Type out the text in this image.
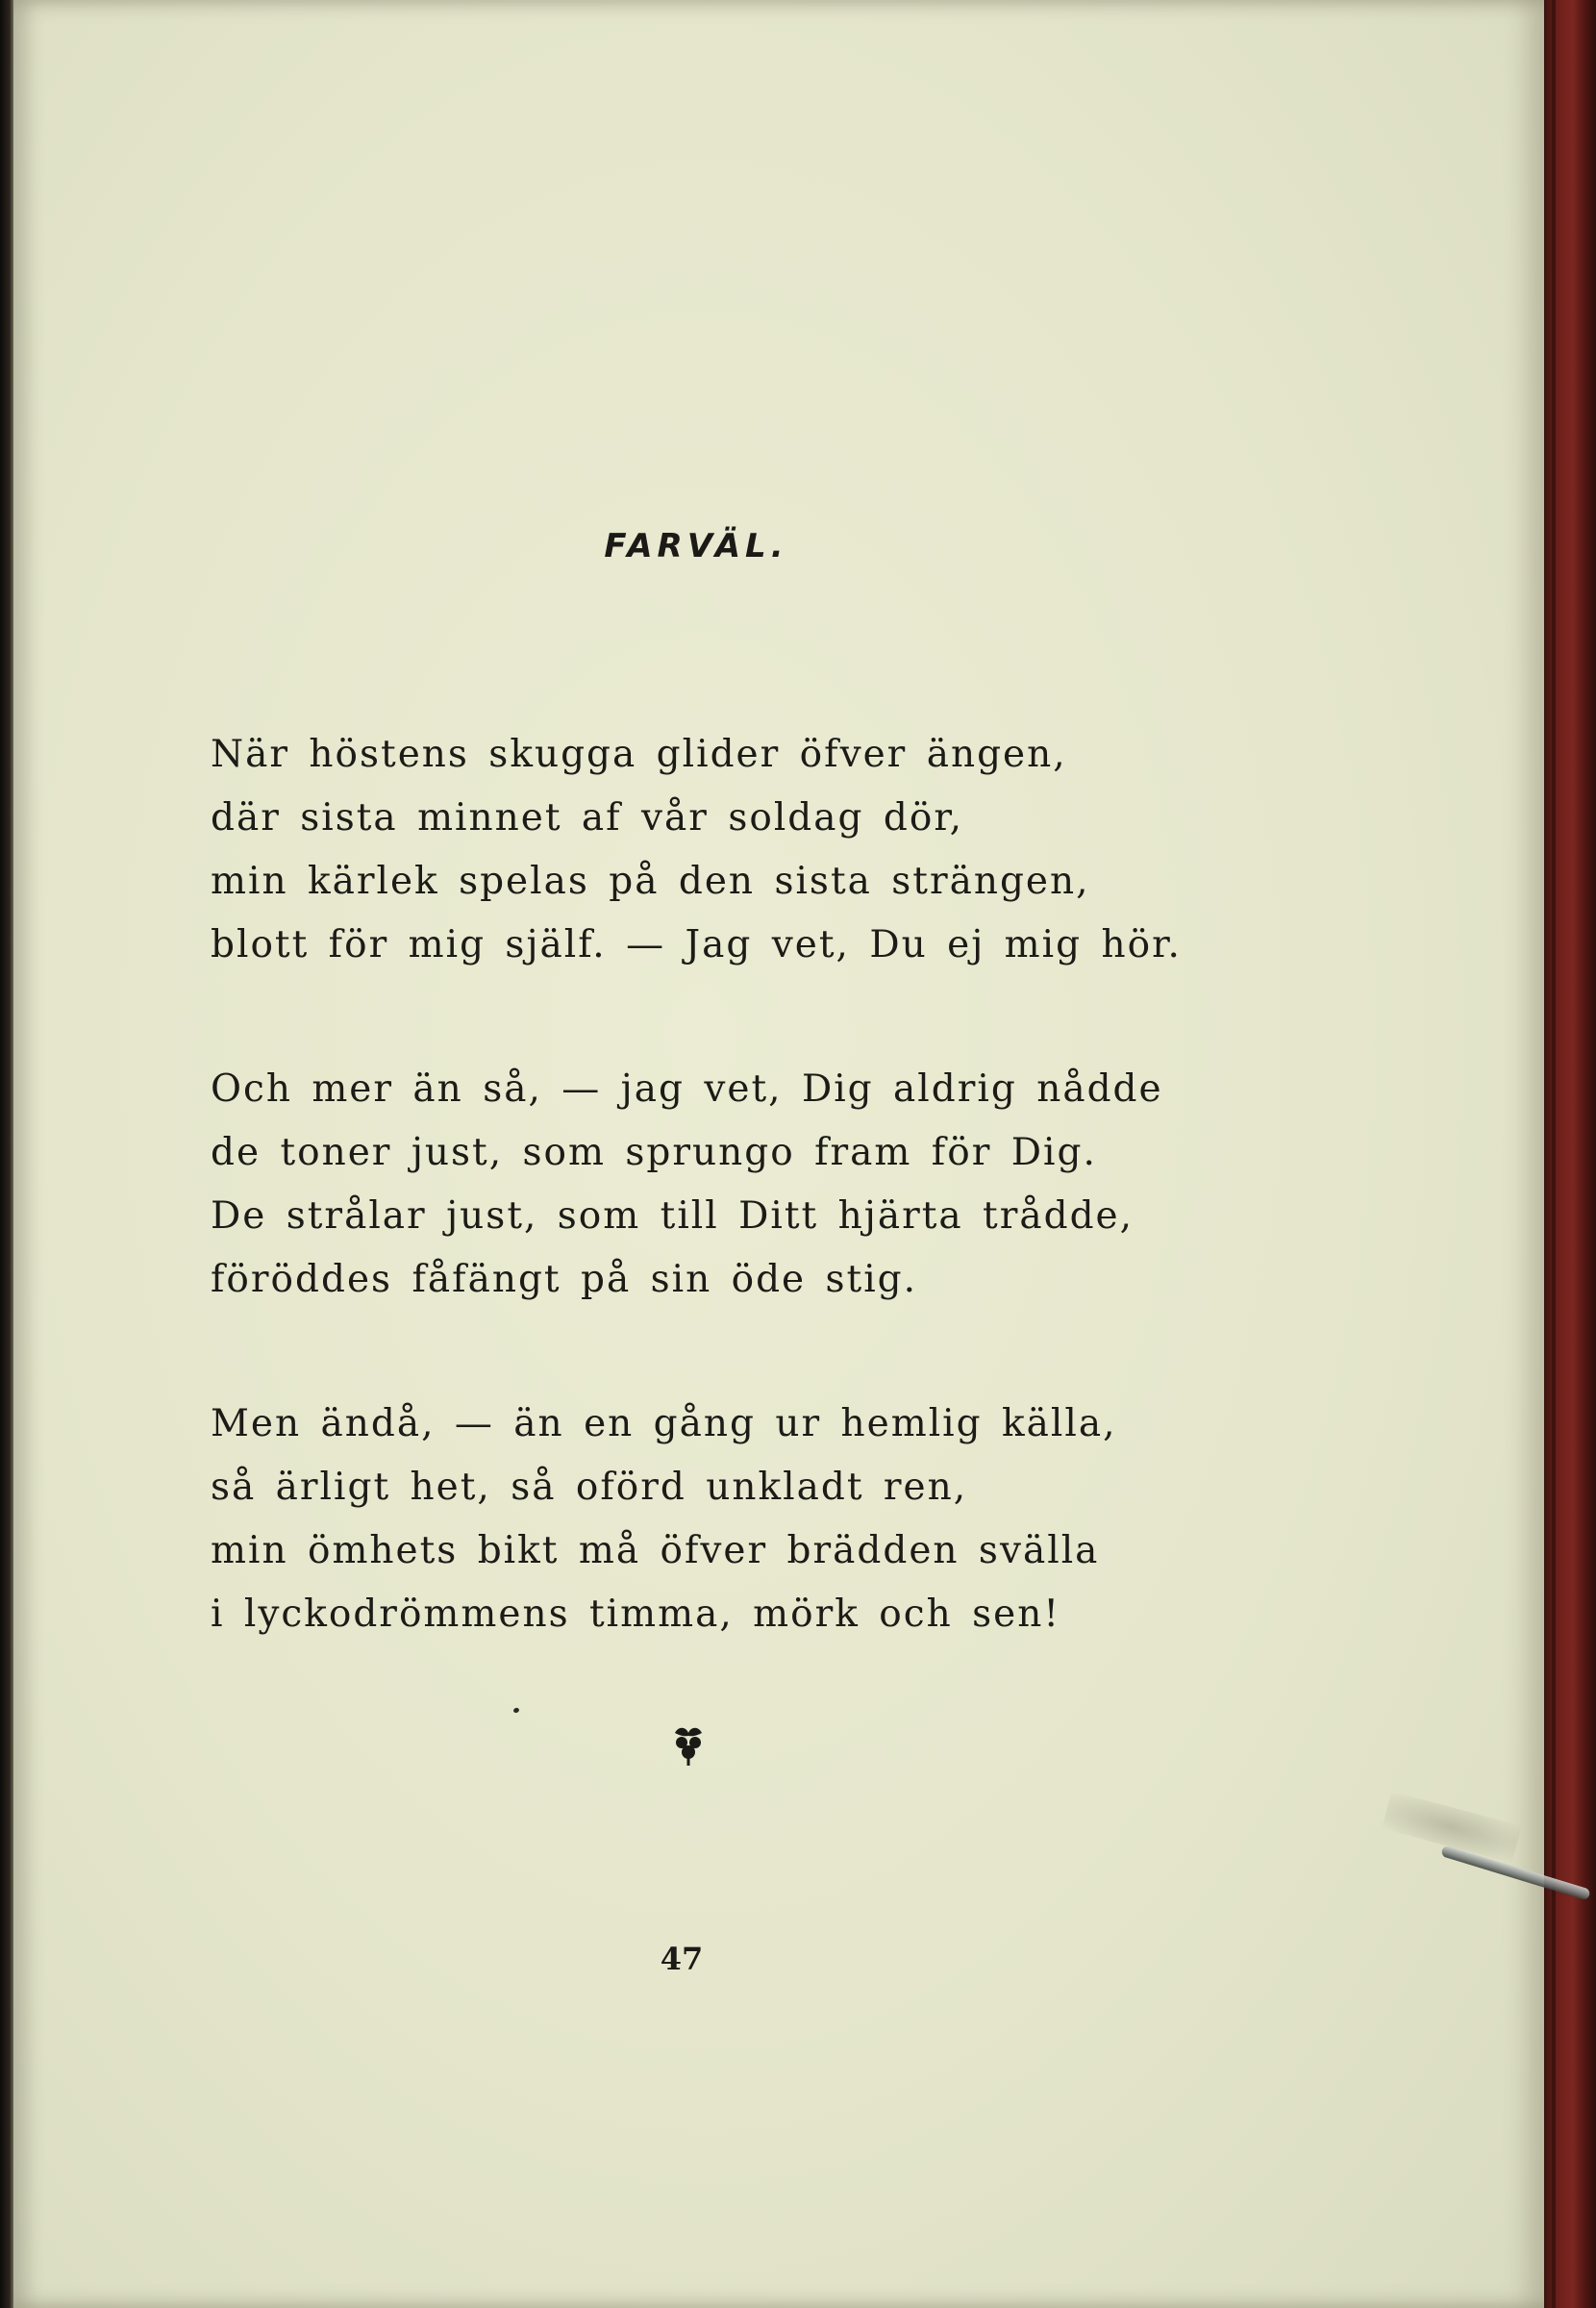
FARVÄL.
När höstens skugga glider öfver ängen,
där sista minnet af vår soldag dör,
min kärlek spelas på den sista strängen,
blott för mig själf. — Jag vet, Du ej mig hör.
Och mer än så, — jag vet, Dig aldrig nådde
de toner just, som sprungo fram för Dig.
De strålar just, som till Ditt hjärta trådde,
föröddes fåfängt på sin öde stig.
Men ändå, — än en gång ur hemlig källa,
så ärligt het, så oförd unkladt ren,
min ömhets bikt må öfver brädden svälla
i lyckodrömmens timma, mörk och sen!
47
